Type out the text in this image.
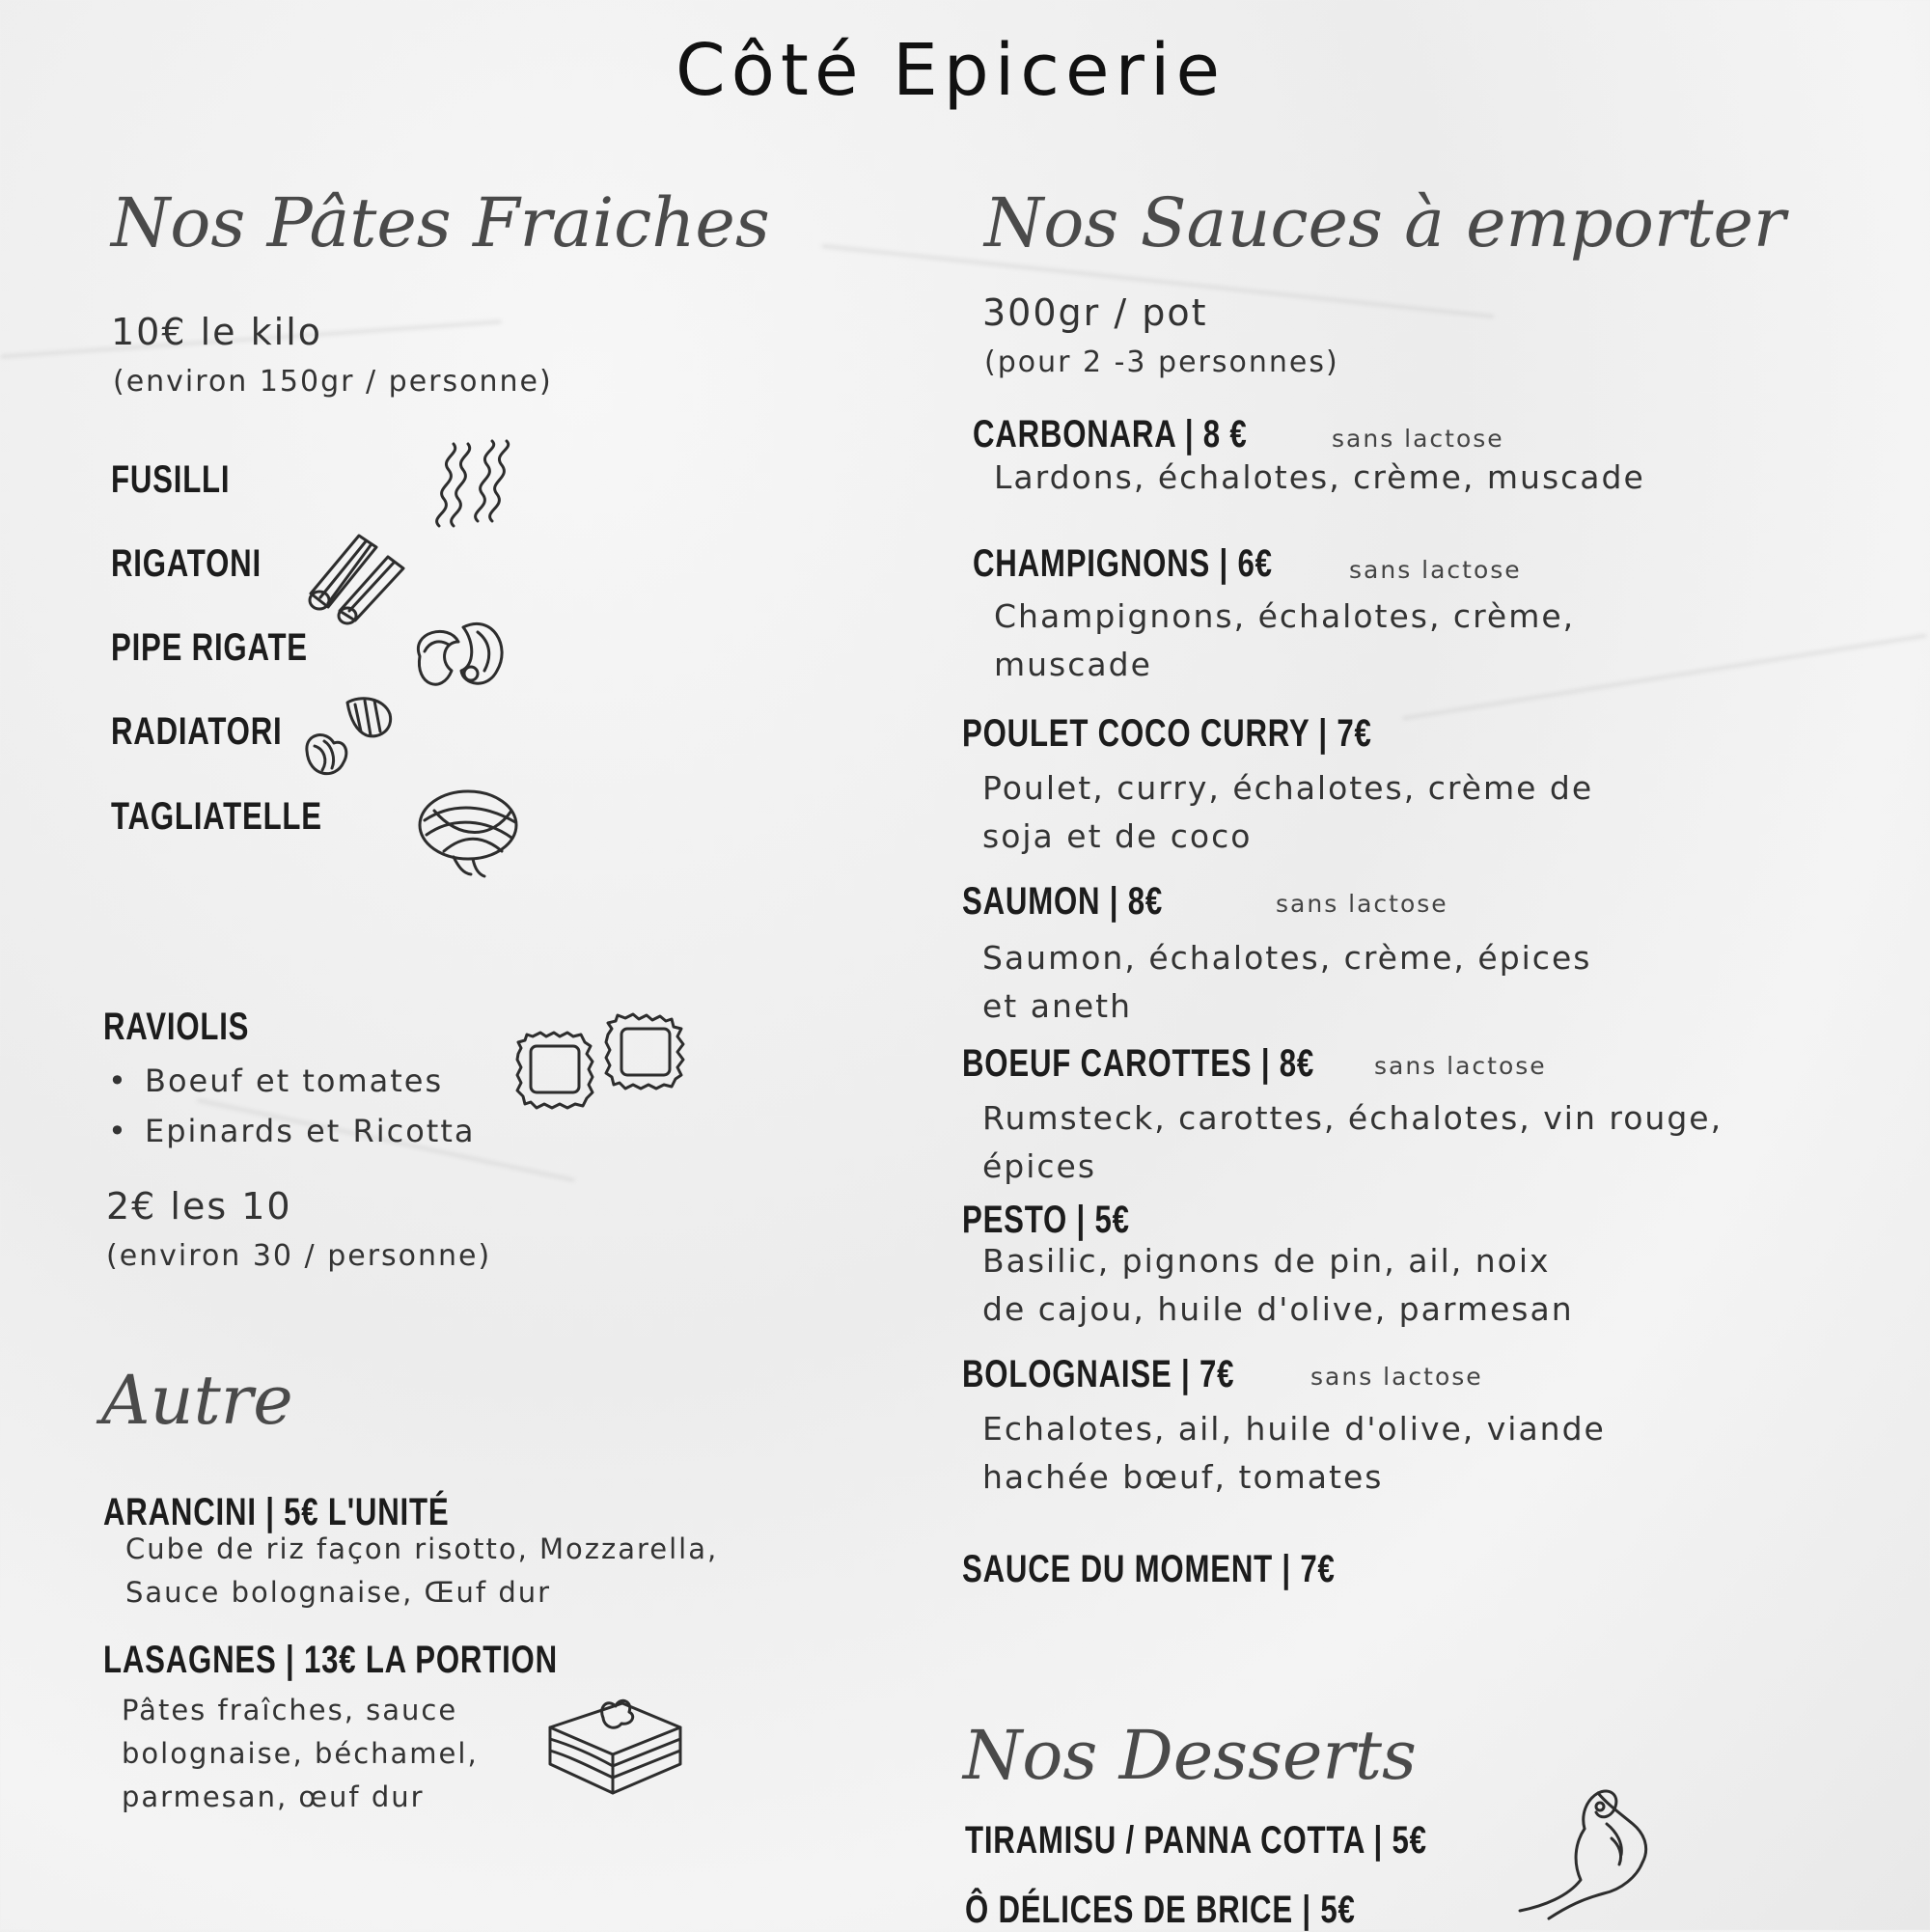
Côté Epicerie
Nos Pâtes Fraiches
10€ le kilo
(environ 150gr / personne)
FUSILLI
RIGATONI
PIPE RIGATE
RADIATORI
TAGLIATELLE
RAVIOLIS
• Boeuf et tomates
• Epinards et Ricotta
2€ les 10
(environ 30 / personne)
Autre
ARANCINI | 5€ L'UNITÉ
Cube de riz façon risotto, Mozzarella,
Sauce bolognaise, Œuf dur
LASAGNES | 13€ LA PORTION
Pâtes fraîches, sauce
bolognaise, béchamel,
parmesan, œuf dur
Nos Sauces à emporter
300gr / pot
(pour 2 -3 personnes)
CARBONARA | 8 €	sans lactose
Lardons, échalotes, crème, muscade
CHAMPIGNONS | 6€	sans lactose
Champignons, échalotes, crème,
muscade
POULET COCO CURRY | 7€
Poulet, curry, échalotes, crème de
soja et de coco
SAUMON | 8€	sans lactose
Saumon, échalotes, crème, épices
et aneth
BOEUF CAROTTES | 8€ sans lactose
Rumsteck, carottes, échalotes, vin rouge,
épices
PESTO | 5€
Basilic, pignons de pin, ail, noix
de cajou, huile d'olive, parmesan
BOLOGNAISE | 7€	sans lactose
Echalotes, ail, huile d'olive, viande
hachée bœuf, tomates
SAUCE DU MOMENT | 7€
Nos Desserts
TIRAMISU / PANNA COTTA | 5€
Ô DÉLICES DE BRICE | 5€
